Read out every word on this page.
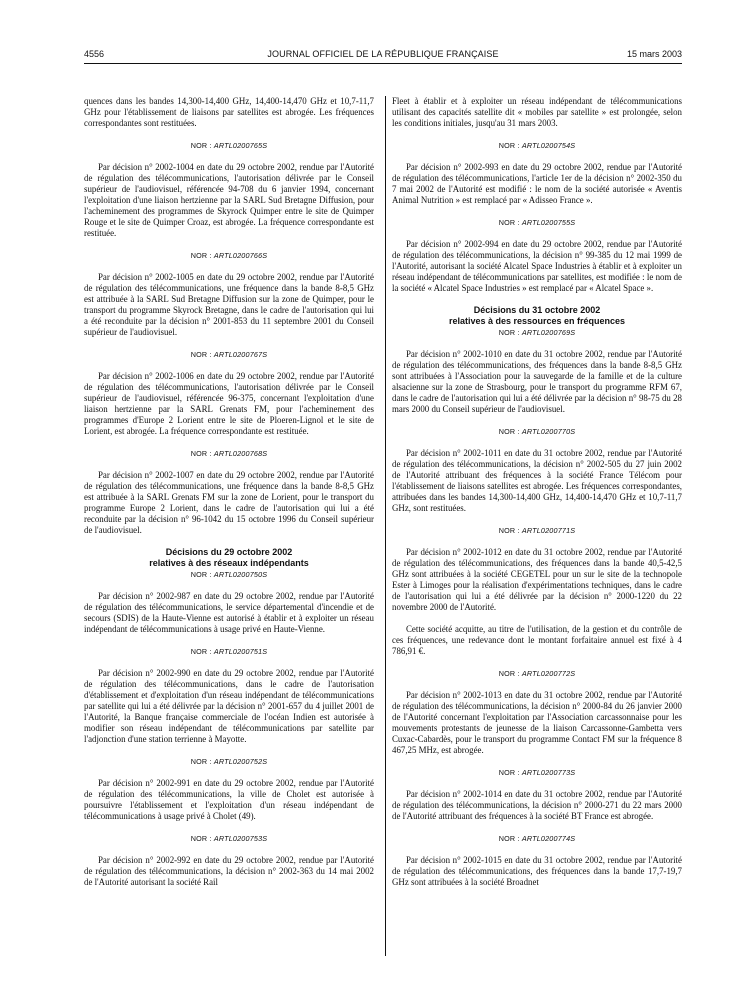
4556	JOURNAL OFFICIEL DE LA RÉPUBLIQUE FRANÇAISE	15 mars 2003

quences dans les bandes 14,300-14,400 GHz, 14,400-14,470 GHz et 10,7-11,7 GHz pour l'établissement de liaisons par satellites est abrogée. Les fréquences correspondantes sont restituées.

NOR : ARTL0200765S

Par décision n° 2002-1004 en date du 29 octobre 2002, rendue par l'Autorité de régulation des télécommunications, l'autorisation délivrée par le Conseil supérieur de l'audiovisuel, référencée 94-708 du 6 janvier 1994, concernant l'exploitation d'une liaison hertzienne par la SARL Sud Bretagne Diffusion, pour l'acheminement des programmes de Skyrock Quimper entre le site de Quimper Rouge et le site de Quimper Croaz, est abrogée. La fréquence correspondante est restituée.

NOR : ARTL0200766S

Par décision n° 2002-1005 en date du 29 octobre 2002, rendue par l'Autorité de régulation des télécommunications, une fréquence dans la bande 8-8,5 GHz est attribuée à la SARL Sud Bretagne Diffusion sur la zone de Quimper, pour le transport du programme Skyrock Bretagne, dans le cadre de l'autorisation qui lui a été reconduite par la décision n° 2001-853 du 11 septembre 2001 du Conseil supérieur de l'audiovisuel.

NOR : ARTL0200767S

Par décision n° 2002-1006 en date du 29 octobre 2002, rendue par l'Autorité de régulation des télécommunications, l'autorisation délivrée par le Conseil supérieur de l'audiovisuel, référencée 96-375, concernant l'exploitation d'une liaison hertzienne par la SARL Grenats FM, pour l'acheminement des programmes d'Europe 2 Lorient entre le site de Ploeren-Lignol et le site de Lorient, est abrogée. La fréquence correspondante est restituée.

NOR : ARTL0200768S

Par décision n° 2002-1007 en date du 29 octobre 2002, rendue par l'Autorité de régulation des télécommunications, une fréquence dans la bande 8-8,5 GHz est attribuée à la SARL Grenats FM sur la zone de Lorient, pour le transport du programme Europe 2 Lorient, dans le cadre de l'autorisation qui lui a été reconduite par la décision n° 96-1042 du 15 octobre 1996 du Conseil supérieur de l'audiovisuel.

Décisions du 29 octobre 2002
relatives à des réseaux indépendants
NOR : ARTL0200750S

Par décision n° 2002-987 en date du 29 octobre 2002, rendue par l'Autorité de régulation des télécommunications, le service départemental d'incendie et de secours (SDIS) de la Haute-Vienne est autorisé à établir et à exploiter un réseau indépendant de télécommunications à usage privé en Haute-Vienne.

NOR : ARTL0200751S

Par décision n° 2002-990 en date du 29 octobre 2002, rendue par l'Autorité de régulation des télécommunications, dans le cadre de l'autorisation d'établissement et d'exploitation d'un réseau indépendant de télécommunications par satellite qui lui a été délivrée par la décision n° 2001-657 du 4 juillet 2001 de l'Autorité, la Banque française commerciale de l'océan Indien est autorisée à modifier son réseau indépendant de télécommunications par satellite par l'adjonction d'une station terrienne à Mayotte.

NOR : ARTL0200752S

Par décision n° 2002-991 en date du 29 octobre 2002, rendue par l'Autorité de régulation des télécommunications, la ville de Cholet est autorisée à poursuivre l'établissement et l'exploitation d'un réseau indépendant de télécommunications à usage privé à Cholet (49).

NOR : ARTL0200753S

Par décision n° 2002-992 en date du 29 octobre 2002, rendue par l'Autorité de régulation des télécommunications, la décision n° 2002-363 du 14 mai 2002 de l'Autorité autorisant la société Rail

Fleet à établir et à exploiter un réseau indépendant de télécommunications utilisant des capacités satellite dit « mobiles par satellite » est prolongée, selon les conditions initiales, jusqu'au 31 mars 2003.

NOR : ARTL0200754S

Par décision n° 2002-993 en date du 29 octobre 2002, rendue par l'Autorité de régulation des télécommunications, l'article 1er de la décision n° 2002-350 du 7 mai 2002 de l'Autorité est modifié : le nom de la société autorisée « Aventis Animal Nutrition » est remplacé par « Adisseo France ».

NOR : ARTL0200755S

Par décision n° 2002-994 en date du 29 octobre 2002, rendue par l'Autorité de régulation des télécommunications, la décision n° 99-385 du 12 mai 1999 de l'Autorité, autorisant la société Alcatel Space Industries à établir et à exploiter un réseau indépendant de télécommunications par satellites, est modifiée : le nom de la société « Alcatel Space Industries » est remplacé par « Alcatel Space ».

Décisions du 31 octobre 2002
relatives à des ressources en fréquences
NOR : ARTL0200769S

Par décision n° 2002-1010 en date du 31 octobre 2002, rendue par l'Autorité de régulation des télécommunications, des fréquences dans la bande 8-8,5 GHz sont attribuées à l'Association pour la sauvegarde de la famille et de la culture alsacienne sur la zone de Strasbourg, pour le transport du programme RFM 67, dans le cadre de l'autorisation qui lui a été délivrée par la décision n° 98-75 du 28 mars 2000 du Conseil supérieur de l'audiovisuel.

NOR : ARTL0200770S

Par décision n° 2002-1011 en date du 31 octobre 2002, rendue par l'Autorité de régulation des télécommunications, la décision n° 2002-505 du 27 juin 2002 de l'Autorité attribuant des fréquences à la société France Télécom pour l'établissement de liaisons satellites est abrogée. Les fréquences correspondantes, attribuées dans les bandes 14,300-14,400 GHz, 14,400-14,470 GHz et 10,7-11,7 GHz, sont restituées.

NOR : ARTL0200771S

Par décision n° 2002-1012 en date du 31 octobre 2002, rendue par l'Autorité de régulation des télécommunications, des fréquences dans la bande 40,5-42,5 GHz sont attribuées à la société CEGETEL pour un sur le site de la technopole Ester à Limoges pour la réalisation d'expérimentations techniques, dans le cadre de l'autorisation qui lui a été délivrée par la décision n° 2000-1220 du 22 novembre 2000 de l'Autorité.

Cette société acquitte, au titre de l'utilisation, de la gestion et du contrôle de ces fréquences, une redevance dont le montant forfaitaire annuel est fixé à 4 786,91 €.

NOR : ARTL0200772S

Par décision n° 2002-1013 en date du 31 octobre 2002, rendue par l'Autorité de régulation des télécommunications, la décision n° 2000-84 du 26 janvier 2000 de l'Autorité concernant l'exploitation par l'Association carcassonnaise pour les mouvements protestants de jeunesse de la liaison Carcassonne-Gambetta vers Cuxac-Cabardès, pour le transport du programme Contact FM sur la fréquence 8 467,25 MHz, est abrogée.

NOR : ARTL0200773S

Par décision n° 2002-1014 en date du 31 octobre 2002, rendue par l'Autorité de régulation des télécommunications, la décision n° 2000-271 du 22 mars 2000 de l'Autorité attribuant des fréquences à la société BT France est abrogée.

NOR : ARTL0200774S

Par décision n° 2002-1015 en date du 31 octobre 2002, rendue par l'Autorité de régulation des télécommunications, des fréquences dans la bande 17,7-19,7 GHz sont attribuées à la société Broadnet
